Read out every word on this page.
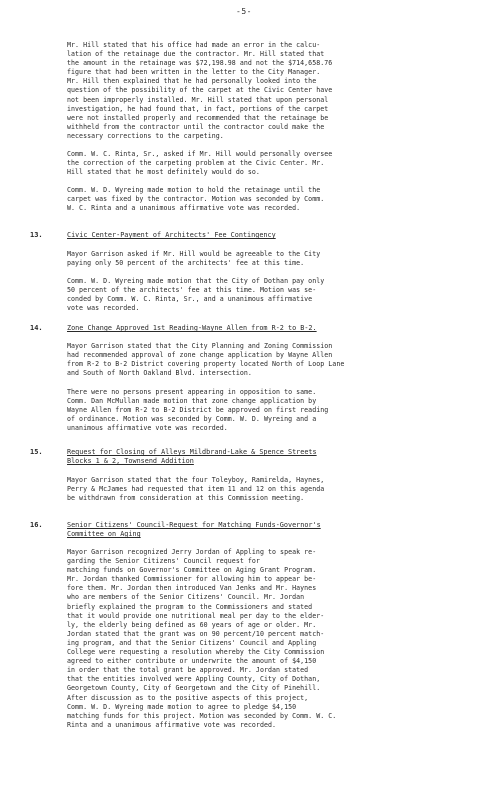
-5-
Mr. Hill stated that his office had made an error in the calcu-
lation of the retainage due the contractor. Mr. Hill stated that
the amount in the retainage was $72,198.98 and not the $714,658.76
figure that had been written in the letter to the City Manager.
Mr. Hill then explained that he had personally looked into the
question of the possibility of the carpet at the Civic Center have
not been improperly installed. Mr. Hill stated that upon personal
investigation, he had found that, in fact, portions of the carpet
were not installed properly and recommended that the retainage be
withheld from the contractor until the contractor could make the
necessary corrections to the carpeting.
Comm. W. C. Rinta, Sr., asked if Mr. Hill would personally oversee
the correction of the carpeting problem at the Civic Center. Mr.
Hill stated that he most definitely would do so.
Comm. W. D. Wyreing made motion to hold the retainage until the
carpet was fixed by the contractor. Motion was seconded by Comm.
W. C. Rinta and a unanimous affirmative vote was recorded.
13.	Civic Center-Payment of Architects' Fee Contingency
Mayor Garrison asked if Mr. Hill would be agreeable to the City
paying only 50 percent of the architects' fee at this time.
Comm. W. D. Wyreing made motion that the City of Dothan pay only
50 percent of the architects' fee at this time. Motion was se-
conded by Comm. W. C. Rinta, Sr., and a unanimous affirmative
vote was recorded.
14.	Zone Change Approved 1st Reading-Wayne Allen from R-2 to B-2.
Mayor Garrison stated that the City Planning and Zoning Commission
had recommended approval of zone change application by Wayne Allen
from R-2 to B-2 District covering property located North of Loop Lane
and South of North Oakland Blvd. intersection.
There were no persons present appearing in opposition to same.
Comm. Dan McMullan made motion that zone change application by
Wayne Allen from R-2 to B-2 District be approved on first reading
of ordinance. Motion was seconded by Comm. W. D. Wyreing and a
unanimous affirmative vote was recorded.
15.	Request for Closing of Alleys Mildbrand-Lake & Spence Streets
Blocks 1 & 2, Townsend Addition
Mayor Garrison stated that the four Toleyboy, Ramirelda, Haynes,
Perry & McJames had requested that item 11 and 12 on this agenda
be withdrawn from consideration at this Commission meeting.
16.	Senior Citizens' Council-Request for Matching Funds-Governor's
Committee on Aging
Mayor Garrison recognized Jerry Jordan of Appling to speak re-
garding the Senior Citizens' Council request for
matching funds on Governor's Committee on Aging Grant Program.
Mr. Jordan thanked Commissioner for allowing him to appear be-
fore them. Mr. Jordan then introduced Van Jenks and Mr. Haynes
who are members of the Senior Citizens' Council. Mr. Jordan
briefly explained the program to the Commissioners and stated
that it would provide one nutritional meal per day to the elder-
ly, the elderly being defined as 60 years of age or older. Mr.
Jordan stated that the grant was on 90 percent/10 percent match-
ing program, and that the Senior Citizens' Council and Appling
College were requesting a resolution whereby the City Commission
agreed to either contribute or underwrite the amount of $4,150
in order that the total grant be approved. Mr. Jordan stated
that the entities involved were Appling County, City of Dothan,
Georgetown County, City of Georgetown and the City of Pinehill.
After discussion as to the positive aspects of this project,
Comm. W. D. Wyreing made motion to agree to pledge $4,150
matching funds for this project. Motion was seconded by Comm. W. C.
Rinta and a unanimous affirmative vote was recorded.
